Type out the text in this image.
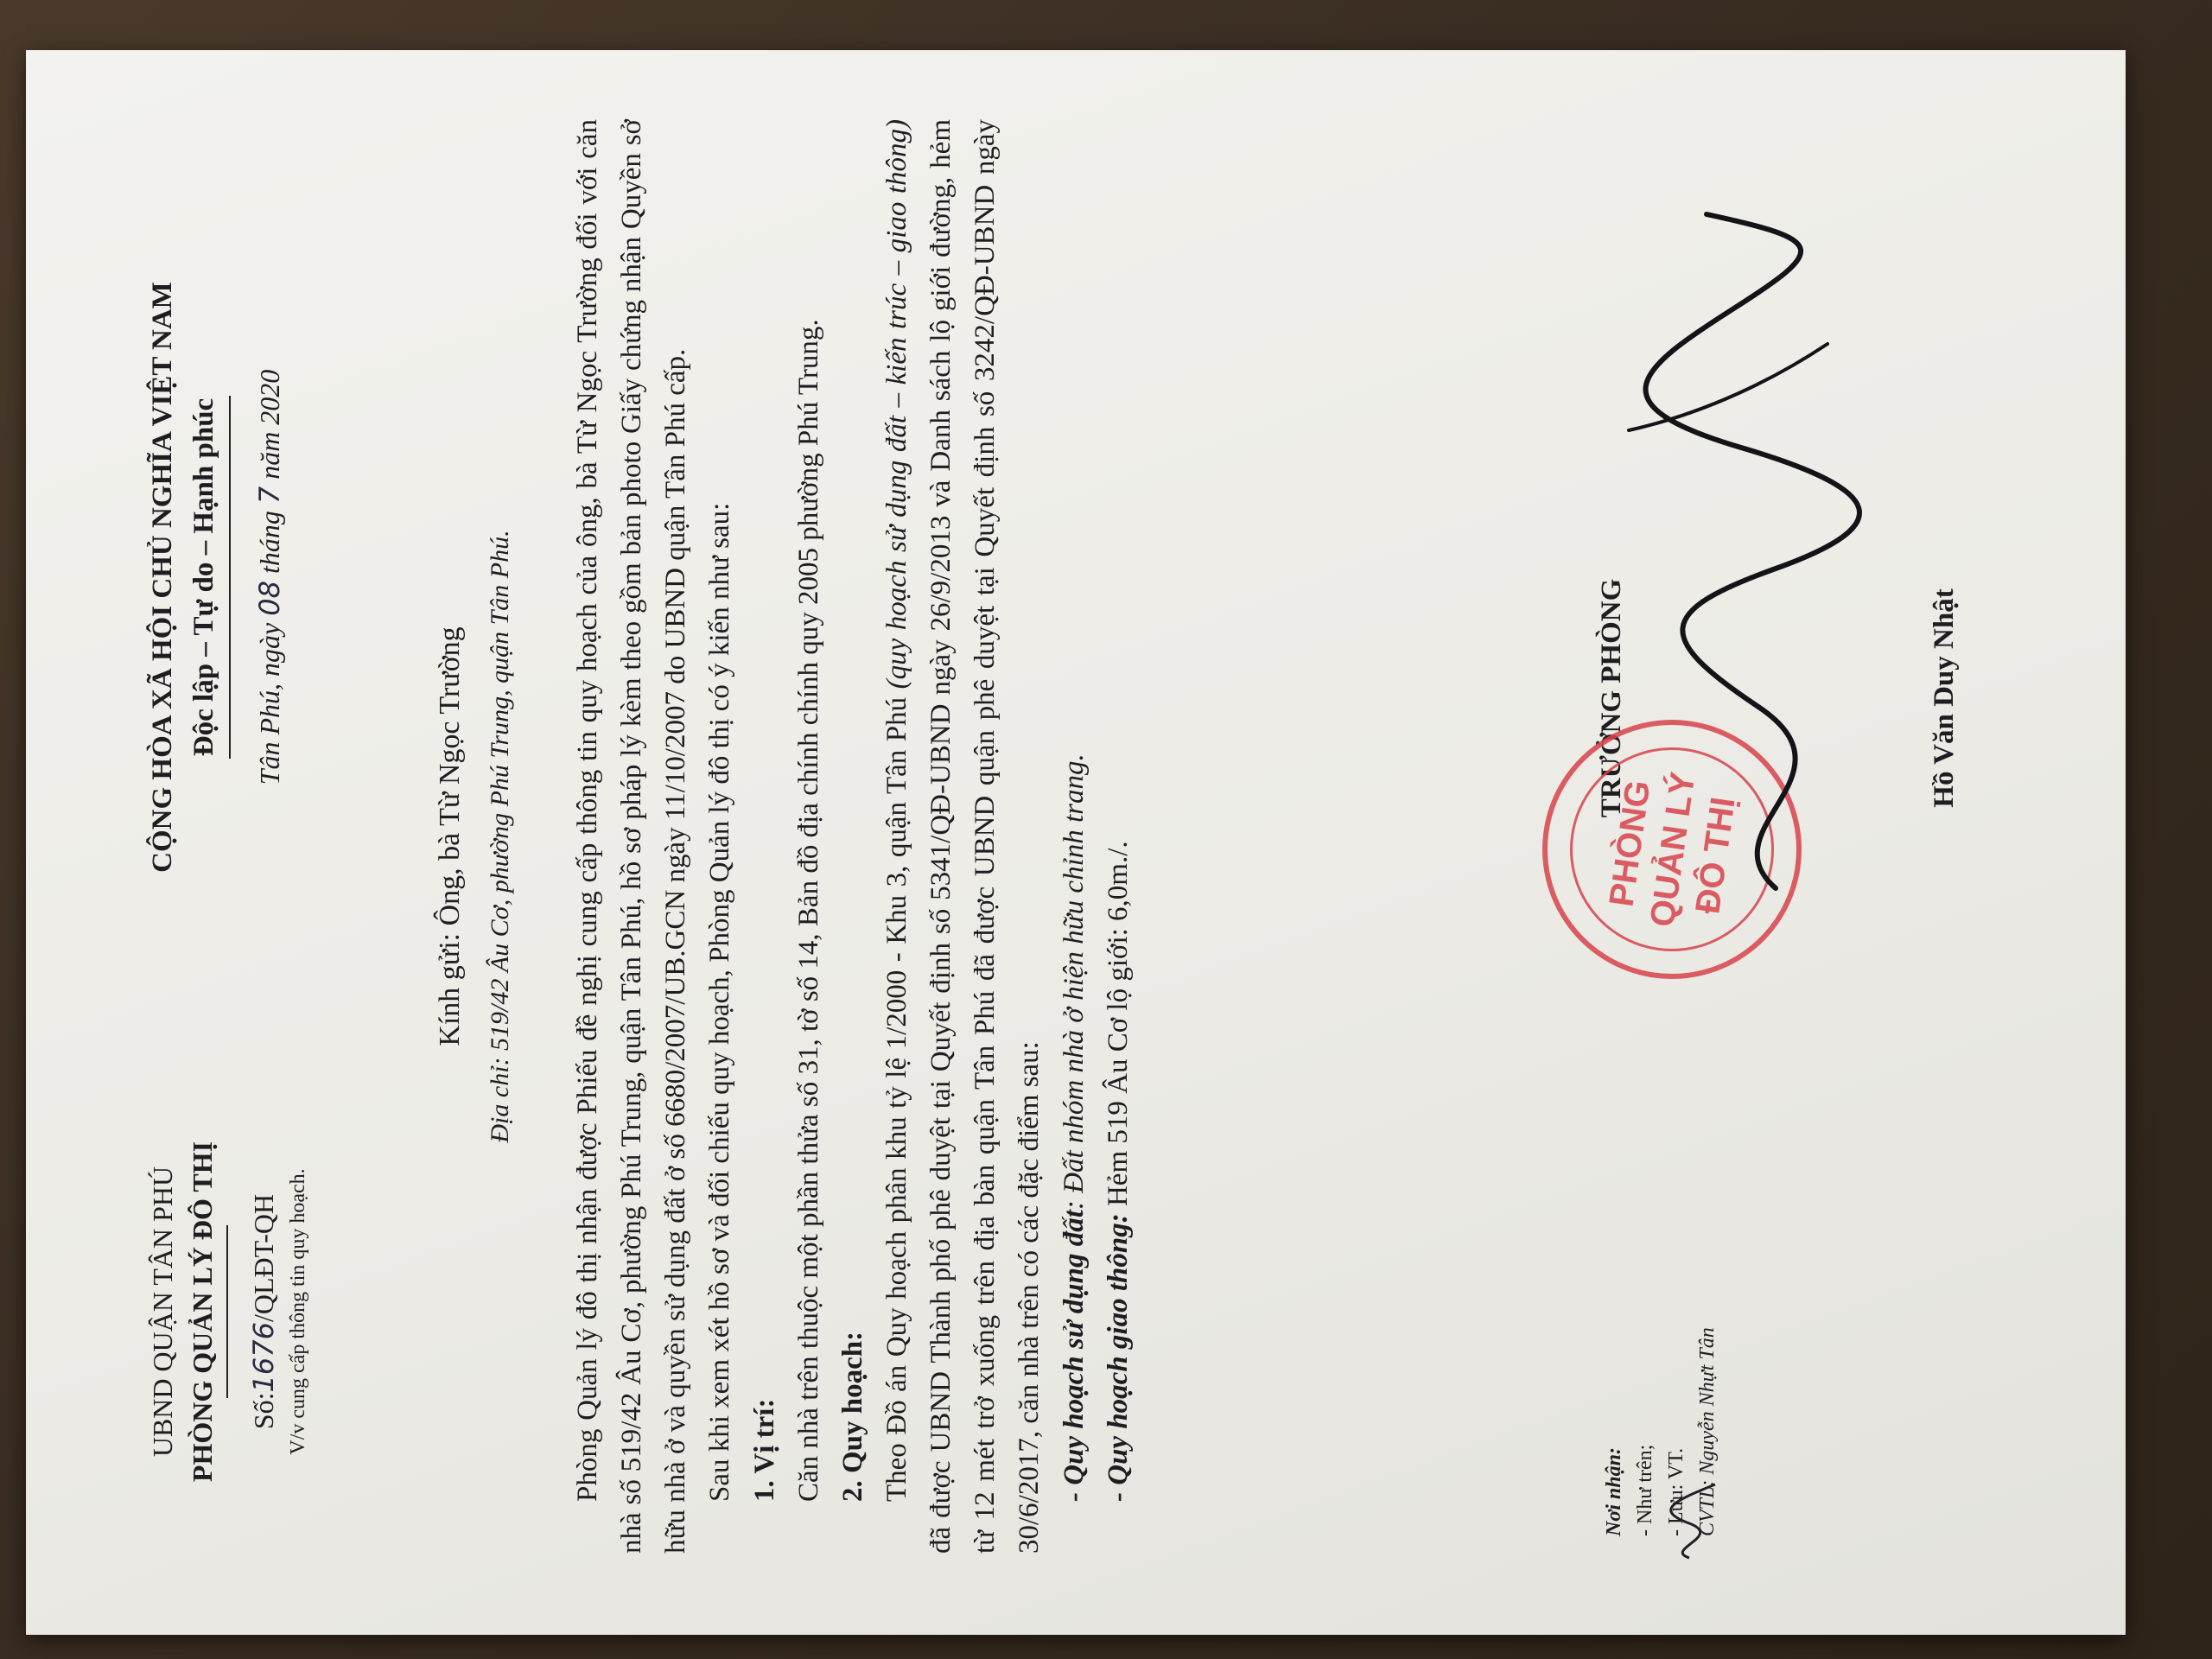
UBND QUẬN TÂN PHÚ PHÒNG QUẢN LÝ ĐÔ THỊ Số:1676/QLĐT-QH V/v cung cấp thông tin quy hoạch.
CỘNG HÒA XÃ HỘI CHỦ NGHĨA VIỆT NAM Độc lập – Tự do – Hạnh phúc Tân Phú, ngày 08 tháng 7 năm 2020
Kính gửi: Ông, bà Từ Ngọc Trường Địa chỉ: 519/42 Âu Cơ, phường Phú Trung, quận Tân Phú. Phòng Quản lý đô thị nhận được Phiếu đề nghị cung cấp thông tin quy hoạch của ông, bà Từ Ngọc Trường đối với căn nhà số 519/42 Âu Cơ, phường Phú Trung, quận Tân Phú, hồ sơ pháp lý kèm theo gồm bản photo Giấy chứng nhận Quyền sở hữu nhà ở và quyền sử dụng đất ở số 6680/2007/UB.GCN ngày 11/10/2007 do UBND quận Tân Phú cấp. Sau khi xem xét hồ sơ và đối chiếu quy hoạch, Phòng Quản lý đô thị có ý kiến như sau: 1. Vị trí: Căn nhà trên thuộc một phần thửa số 31, tờ số 14, Bản đồ địa chính chính quy 2005 phường Phú Trung. 2. Quy hoạch: Theo Đồ án Quy hoạch phân khu tỷ lệ 1/2000 - Khu 3, quận Tân Phú (quy hoạch sử dụng đất – kiến trúc – giao thông) đã được UBND Thành phố phê duyệt tại Quyết định số 5341/QĐ-UBND ngày 26/9/2013 và Danh sách lộ giới đường, hẻm từ 12 mét trở xuống trên địa bàn quận Tân Phú đã được UBND quận phê duyệt tại Quyết định số 3242/QĐ-UBND ngày 30/6/2017, căn nhà trên có các đặc điểm sau: - Quy hoạch sử dụng đất: Đất nhóm nhà ở hiện hữu chỉnh trang.
- Quy hoạch giao thông: Hẻm 519 Âu Cơ lộ giới: 6,0m./.
Nơi nhận: - Như trên; - Lưu: VT. CVTL: Nguyễn Nhựt Tân
TRƯỞNG PHÒNG
PHÒNG
QUẢN LÝ
ĐÔ THỊ
Hồ Văn Duy Nhật
